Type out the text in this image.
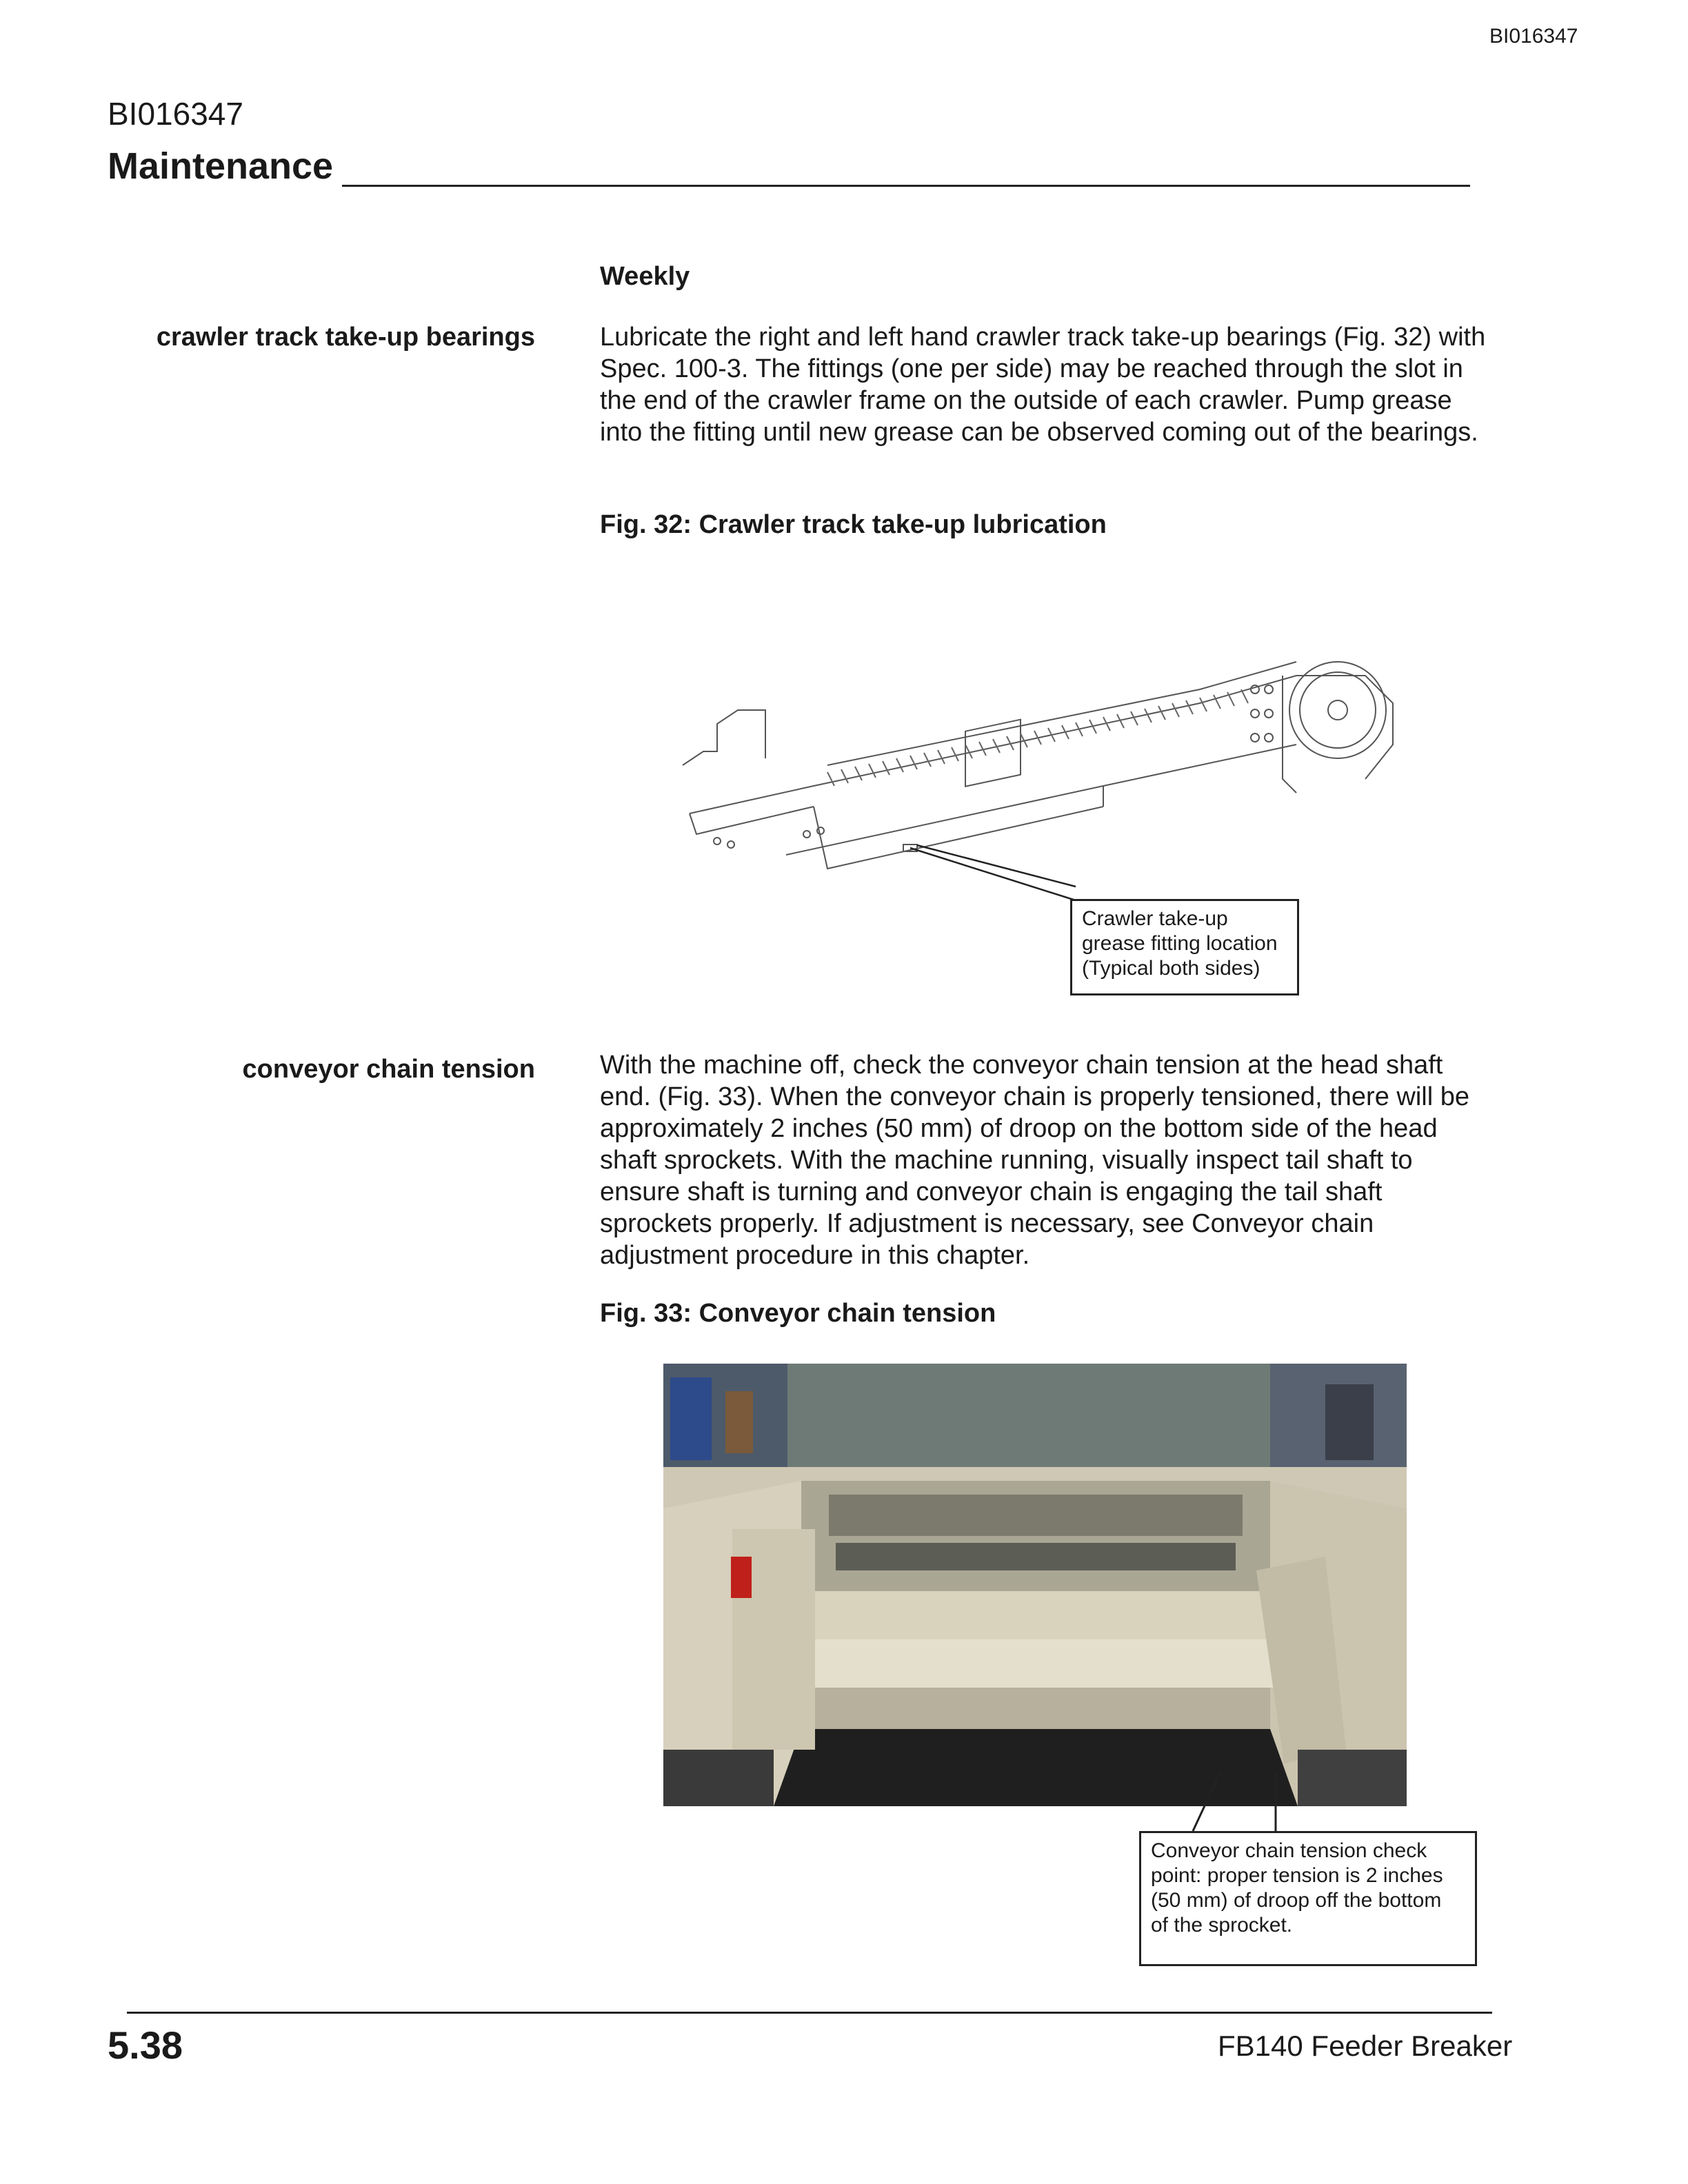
BI016347
BI016347
Maintenance
Weekly
crawler track take-up bearings Lubricate the right and left hand crawler track take-up bearings (Fig. 32) with Spec. 100-3. The fittings (one per side) may be reached through the slot in the end of the crawler frame on the outside of each crawler. Pump grease into the fitting until new grease can be observed coming out of the bearings.
Fig. 32: Crawler track take-up lubrication
Crawler take-up
grease fitting location
(Typical both sides)
conveyor chain tension With the machine off, check the conveyor chain tension at the head shaft end. (Fig. 33). When the conveyor chain is properly tensioned, there will be approximately 2 inches (50 mm) of droop on the bottom side of the head shaft sprockets. With the machine running, visually inspect tail shaft to ensure shaft is turning and conveyor chain is engaging the tail shaft sprockets properly. If adjustment is necessary, see Conveyor chain adjustment procedure in this chapter.
Fig. 33: Conveyor chain tension
Conveyor chain tension check
point: proper tension is 2 inches
(50 mm) of droop off the bottom
of the sprocket.
5.38	FB140 Feeder Breaker
